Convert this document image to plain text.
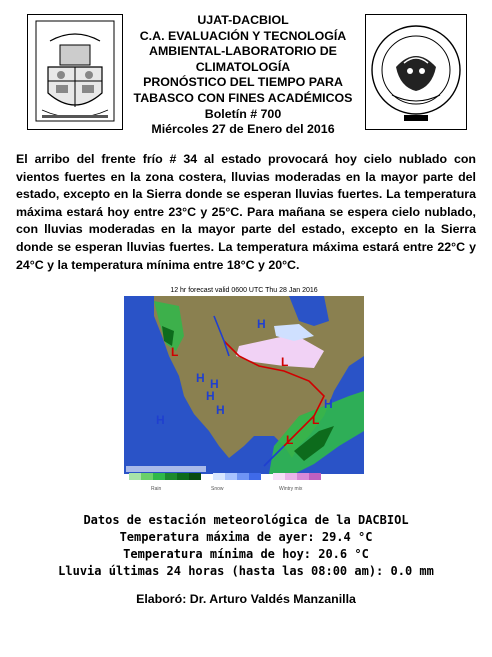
UJAT-DACBIOL
C.A. EVALUACIÓN Y TECNOLOGÍA
AMBIENTAL-LABORATORIO DE
CLIMATOLOGÍA
PRONÓSTICO DEL TIEMPO PARA
TABASCO CON FINES ACADÉMICOS
Boletín # 700
Miércoles 27 de Enero del 2016

El arribo del frente frío # 34 al estado provocará hoy cielo nublado con vientos fuertes en la zona costera, lluvias moderadas en la mayor parte del estado, excepto en la Sierra donde se esperan lluvias fuertes. La temperatura máxima estará hoy entre 23°C y 25°C. Para mañana se espera cielo nublado, con lluvias moderadas en la mayor parte del estado, excepto en la Sierra donde se esperan lluvias fuertes. La temperatura máxima estará entre 22°C y 24°C y la temperatura mínima entre 18°C y 20°C.

12 hr forecast valid 0600 UTC Thu 28 Jan 2016
H
H H
H
H
H
H
L
L
L
L
Rain	Snow	Wintry mix
Datos de estación meteorológica de la DACBIOL
Temperatura máxima de ayer: 29.4 °C
Temperatura mínima de hoy: 20.6 °C
Lluvia últimas 24 horas (hasta las 08:00 am): 0.0 mm
Elaboró: Dr. Arturo Valdés Manzanilla
